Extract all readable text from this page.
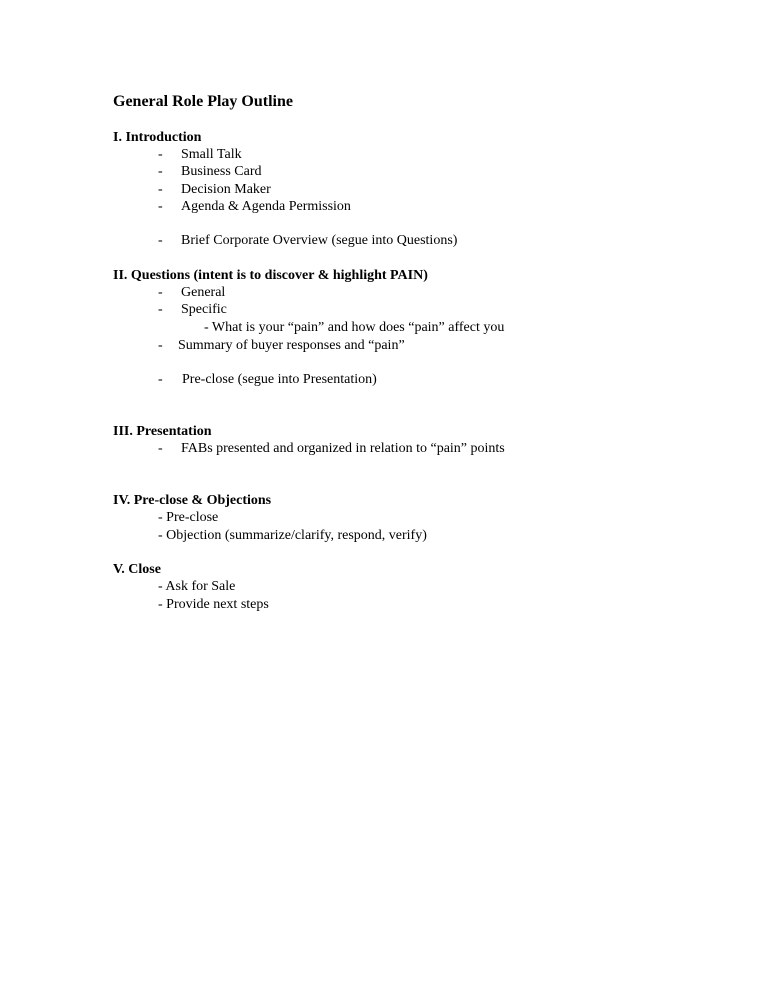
General Role Play Outline
I. Introduction
- Small Talk
- Business Card
- Decision Maker
- Agenda & Agenda Permission
- Brief Corporate Overview (segue into Questions)
II. Questions (intent is to discover & highlight PAIN)
- General
- Specific
- What is your “pain” and how does “pain” affect you
- Summary of buyer responses and “pain”
- Pre-close (segue into Presentation)
III. Presentation
- FABs presented and organized in relation to “pain” points
IV. Pre-close & Objections
- Pre-close
- Objection (summarize/clarify, respond, verify)
V. Close
- Ask for Sale
- Provide next steps
